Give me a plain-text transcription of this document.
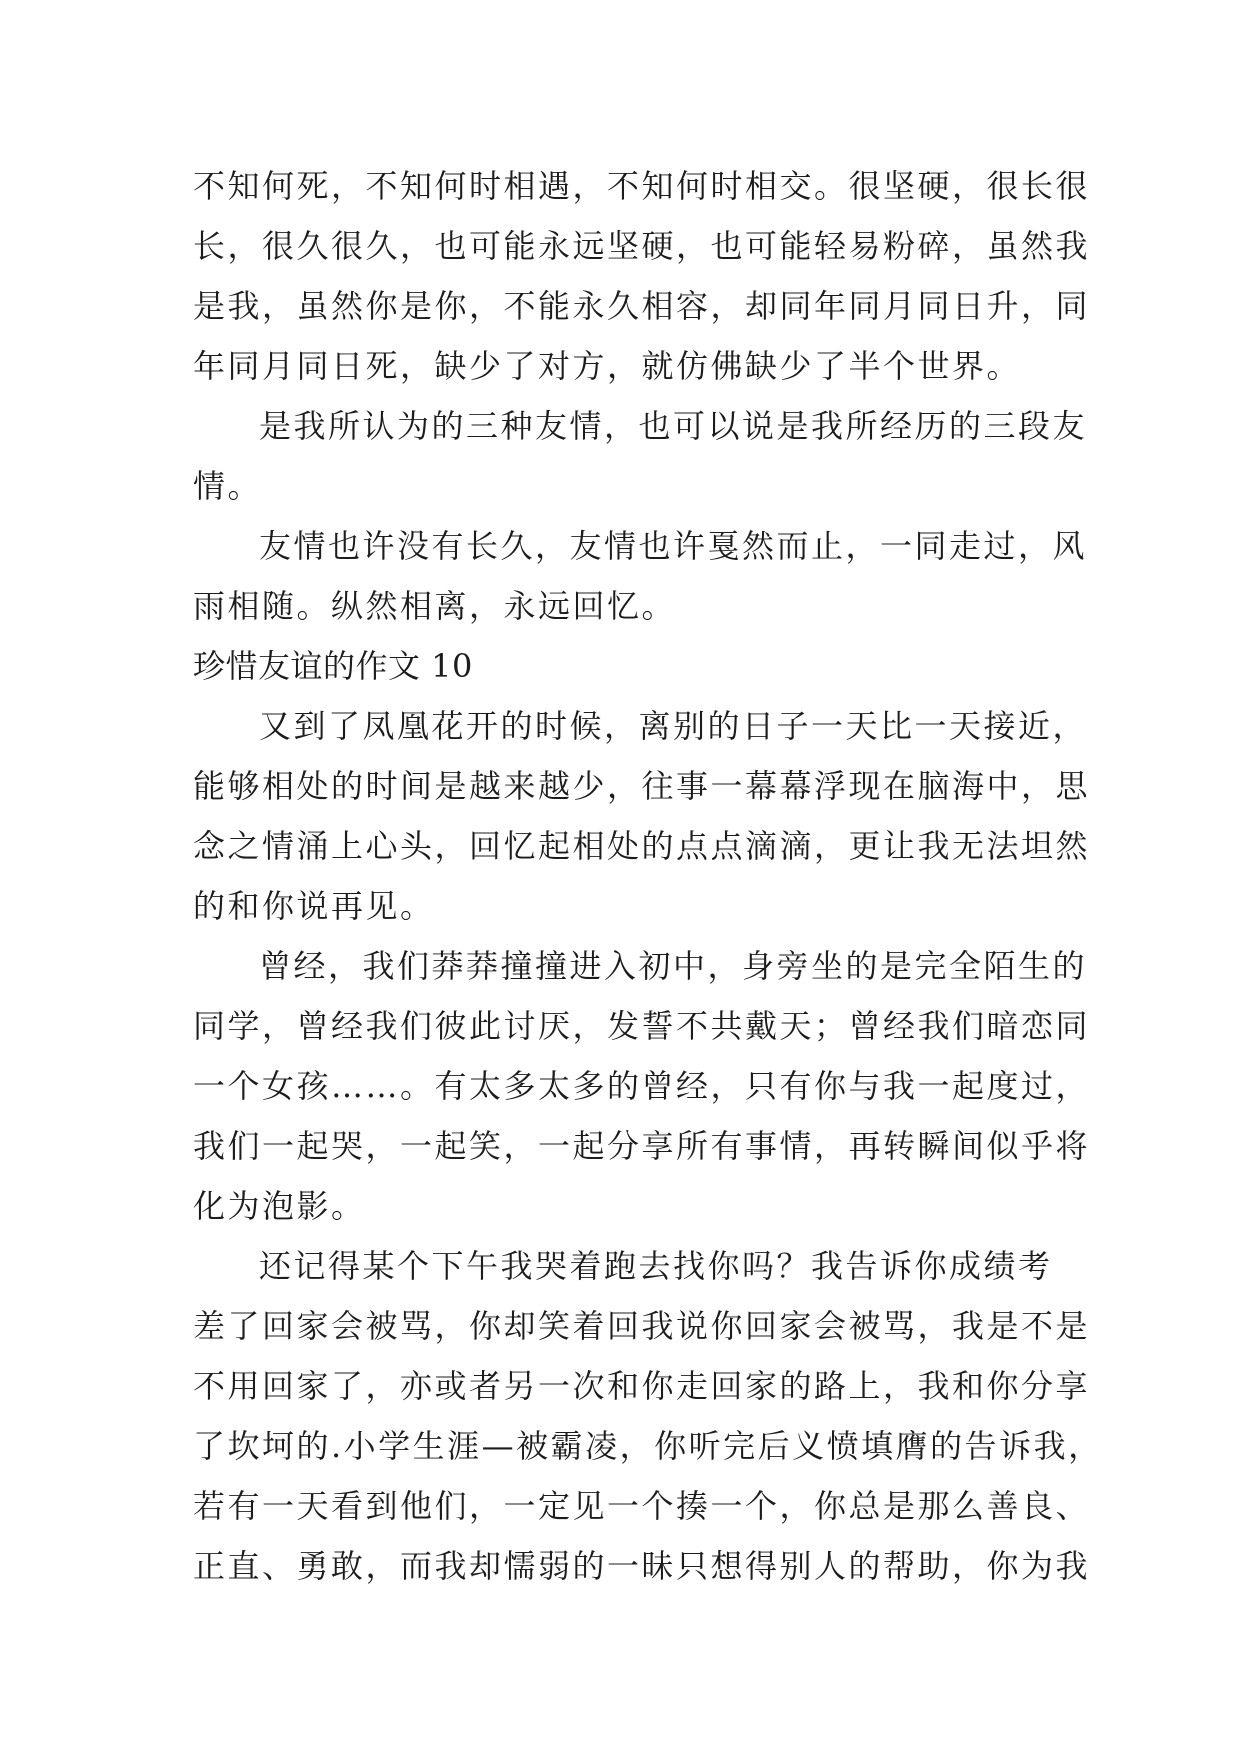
不知何死，不知何时相遇，不知何时相交。很坚硬，很长很
长，很久很久，也可能永远坚硬，也可能轻易粉碎，虽然我
是我，虽然你是你，不能永久相容，却同年同月同日升，同
年同月同日死，缺少了对方，就仿佛缺少了半个世界。

是我所认为的三种友情，也可以说是我所经历的三段友
情。

友情也许没有长久，友情也许戛然而止，一同走过，风
雨相随。纵然相离，永远回忆。

珍惜友谊的作文 10

又到了凤凰花开的时候，离别的日子一天比一天接近，
能够相处的时间是越来越少，往事一幕幕浮现在脑海中，思
念之情涌上心头，回忆起相处的点点滴滴，更让我无法坦然
的和你说再见。

曾经，我们莽莽撞撞进入初中，身旁坐的是完全陌生的
同学，曾经我们彼此讨厌，发誓不共戴天；曾经我们暗恋同
一个女孩……。有太多太多的曾经，只有你与我一起度过，
我们一起哭，一起笑，一起分享所有事情，再转瞬间似乎将
化为泡影。

还记得某个下午我哭着跑去找你吗？我告诉你成绩考
差了回家会被骂，你却笑着回我说你回家会被骂，我是不是
不用回家了，亦或者另一次和你走回家的路上，我和你分享
了坎坷的.小学生涯—被霸凌，你听完后义愤填膺的告诉我，
若有一天看到他们，一定见一个揍一个，你总是那么善良、
正直、勇敢，而我却懦弱的一昧只想得别人的帮助，你为我
